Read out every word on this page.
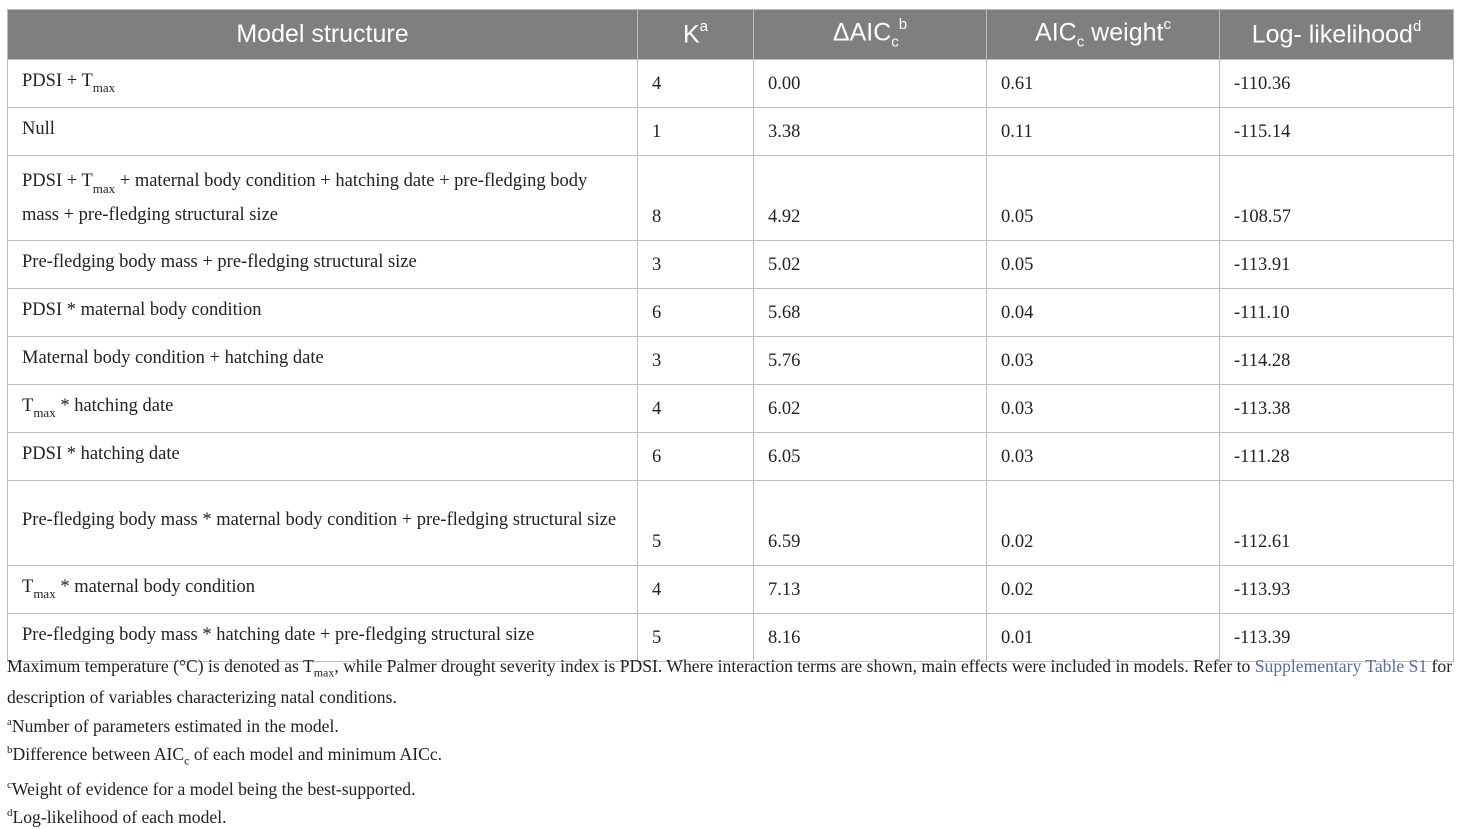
Model structure	$K^a$	$\Delta AIC_c^b$	$AIC_c$ weight$^c$	Log- likelihood$^d$
PDSI + $T_{max}$	4	0.00	0.61	-110.36
Null	1	3.38	0.11	-115.14
PDSI + $T_{max}$ + maternal body condition + hatching date + pre-fledging body mass + pre-fledging structural size	8	4.92	0.05	-108.57
Pre-fledging body mass + pre-fledging structural size	3	5.02	0.05	-113.91
PDSI * maternal body condition	6	5.68	0.04	-111.10
Maternal body condition + hatching date	3	5.76	0.03	-114.28
$T_{max}$ * hatching date	4	6.02	0.03	-113.38
PDSI * hatching date	6	6.05	0.03	-111.28
Pre-fledging body mass * maternal body condition + pre-fledging structural size	5	6.59	0.02	-112.61
$T_{max}$ * maternal body condition	4	7.13	0.02	-113.93
Pre-fledging body mass * hatching date + pre-fledging structural size	5	8.16	0.01	-113.39

Maximum temperature (°C) is denoted as $T_{max}$, while Palmer drought severity index is PDSI. Where interaction terms are shown, main effects were included in models. Refer to Supplementary Table S1 for description of variables characterizing natal conditions.

$^a$Number of parameters estimated in the model.

$^b$Difference between $AIC_c$ of each model and minimum AICc.

$^c$Weight of evidence for a model being the best-supported.

$^d$Log-likelihood of each model.
